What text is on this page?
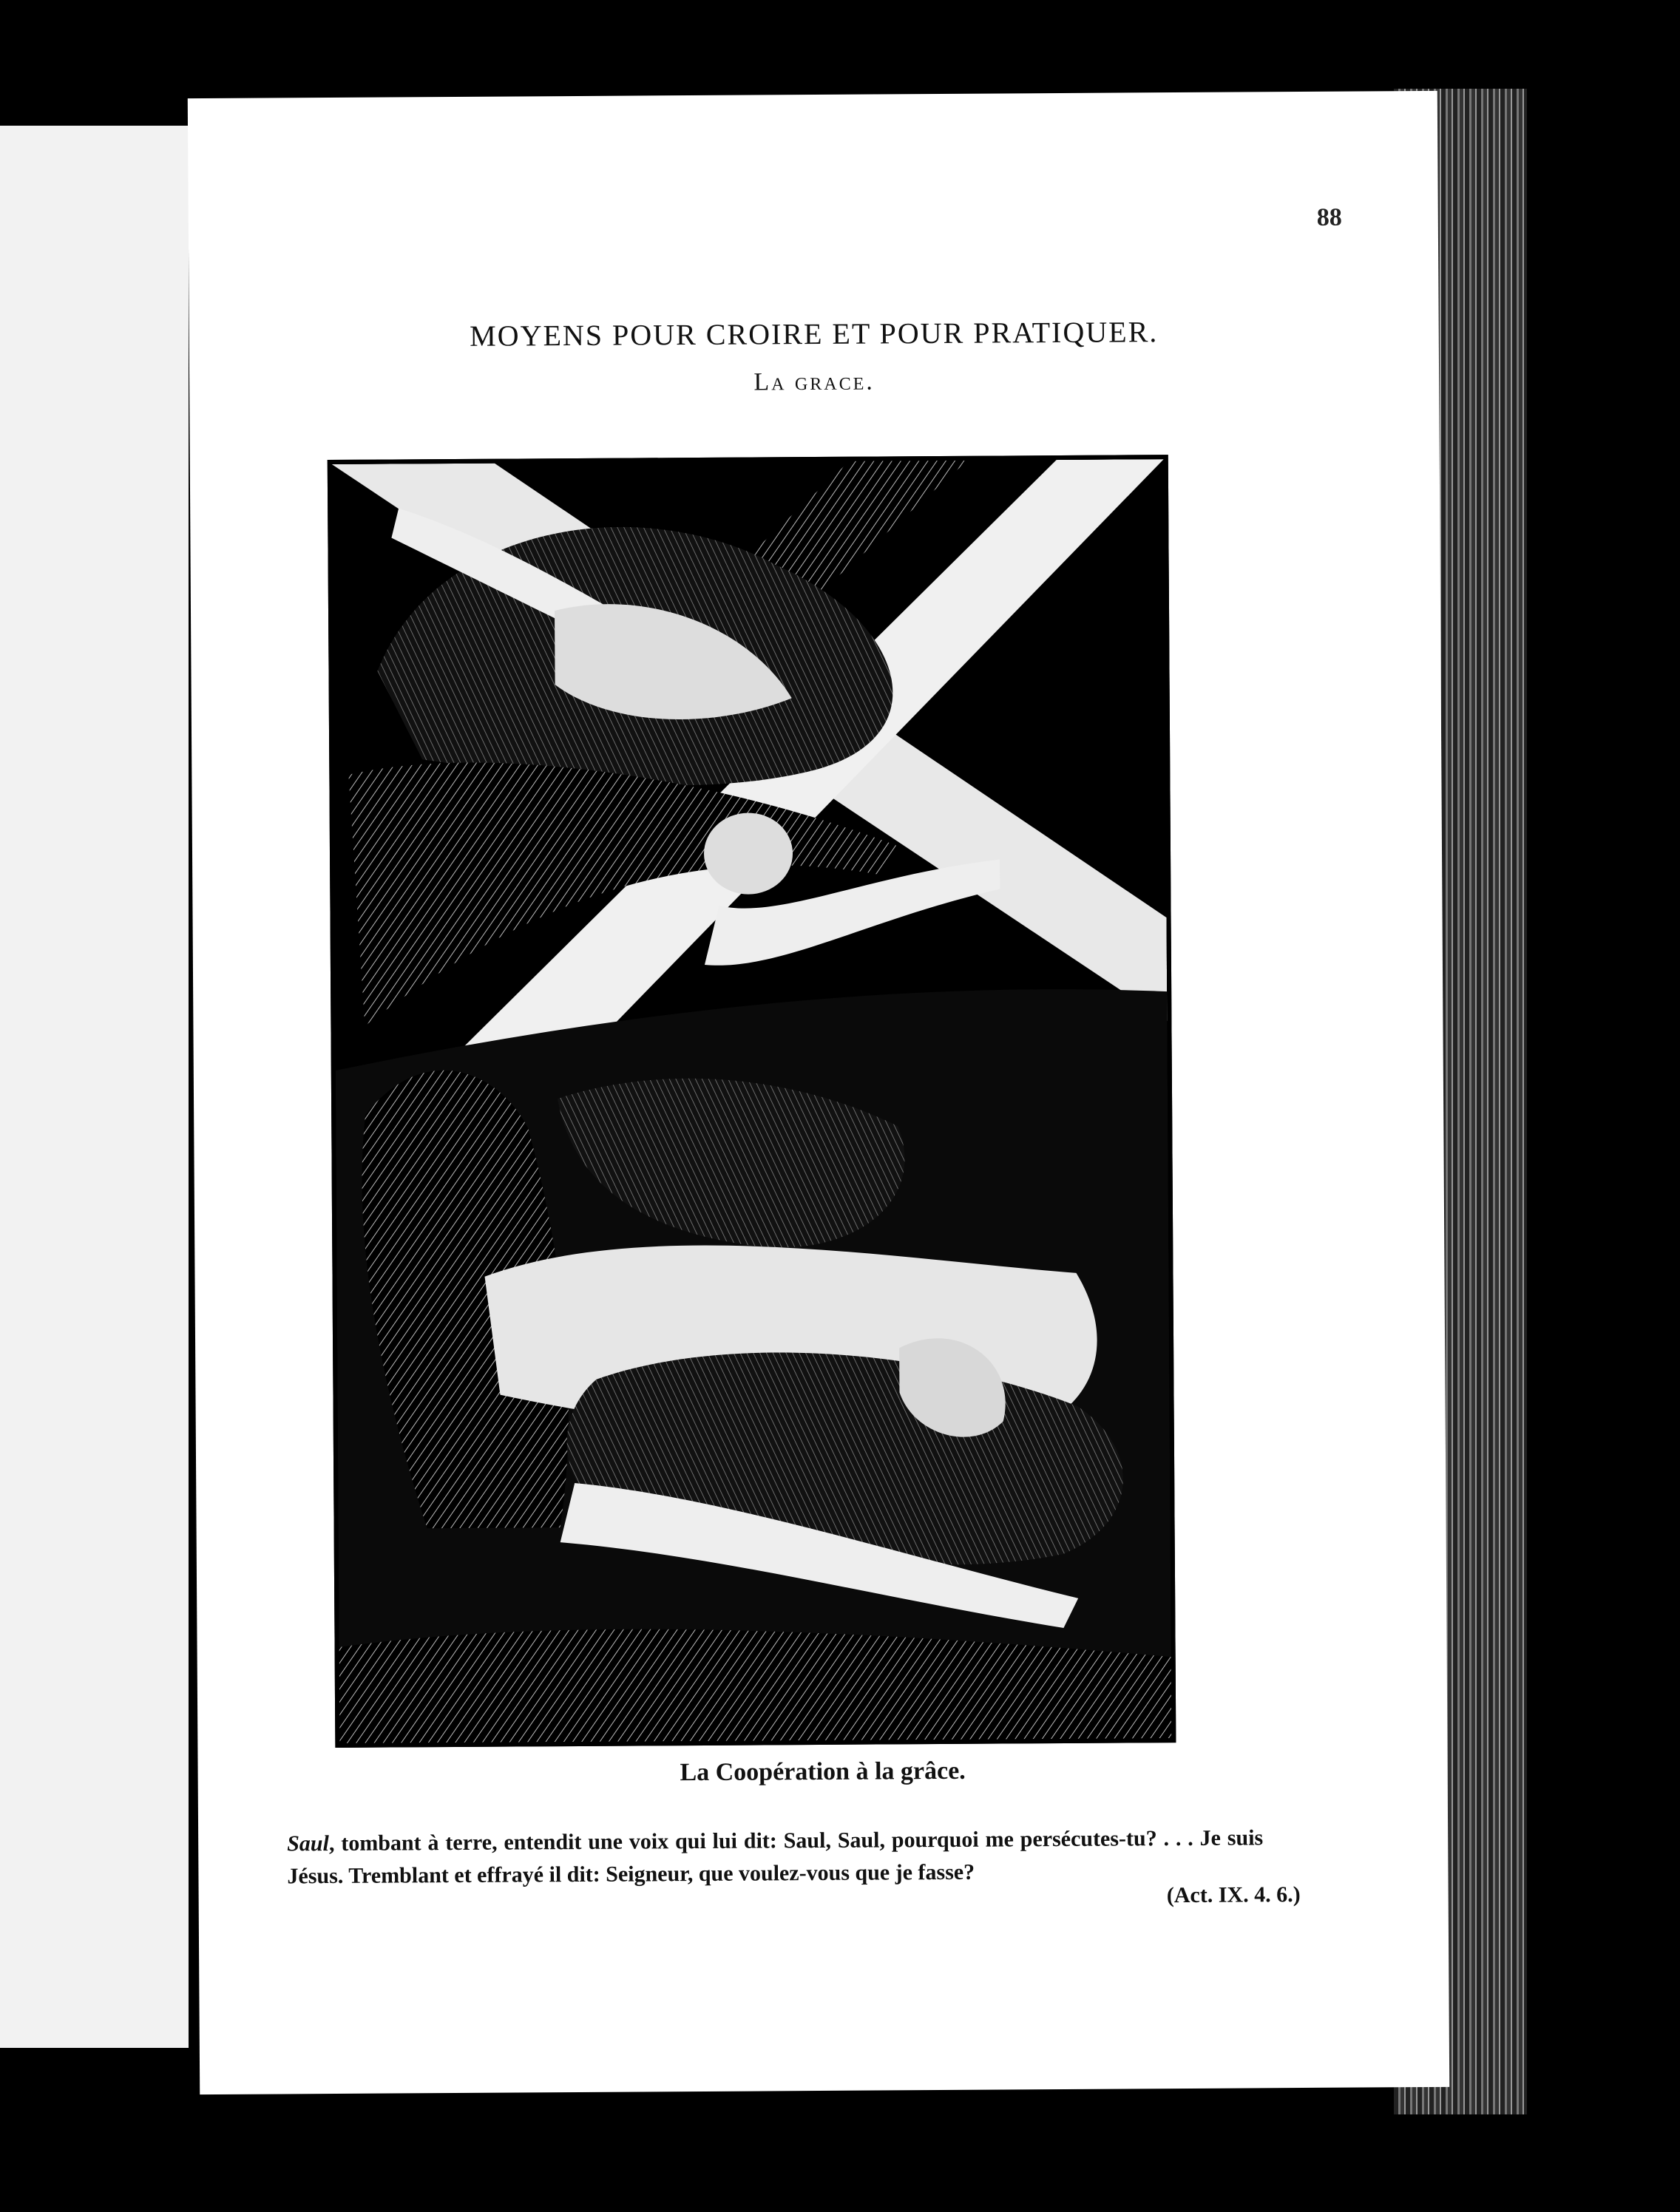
88
MOYENS POUR CROIRE ET POUR PRATIQUER.
La grace.
La Coopération à la grâce.
Saul, tombant à terre, entendit une voix qui lui dit: Saul, Saul, pourquoi me persécutes-tu? . . . Je suis Jésus. Tremblant et effrayé il dit: Seigneur, que voulez-vous que je fasse?
(Act. IX. 4. 6.)
